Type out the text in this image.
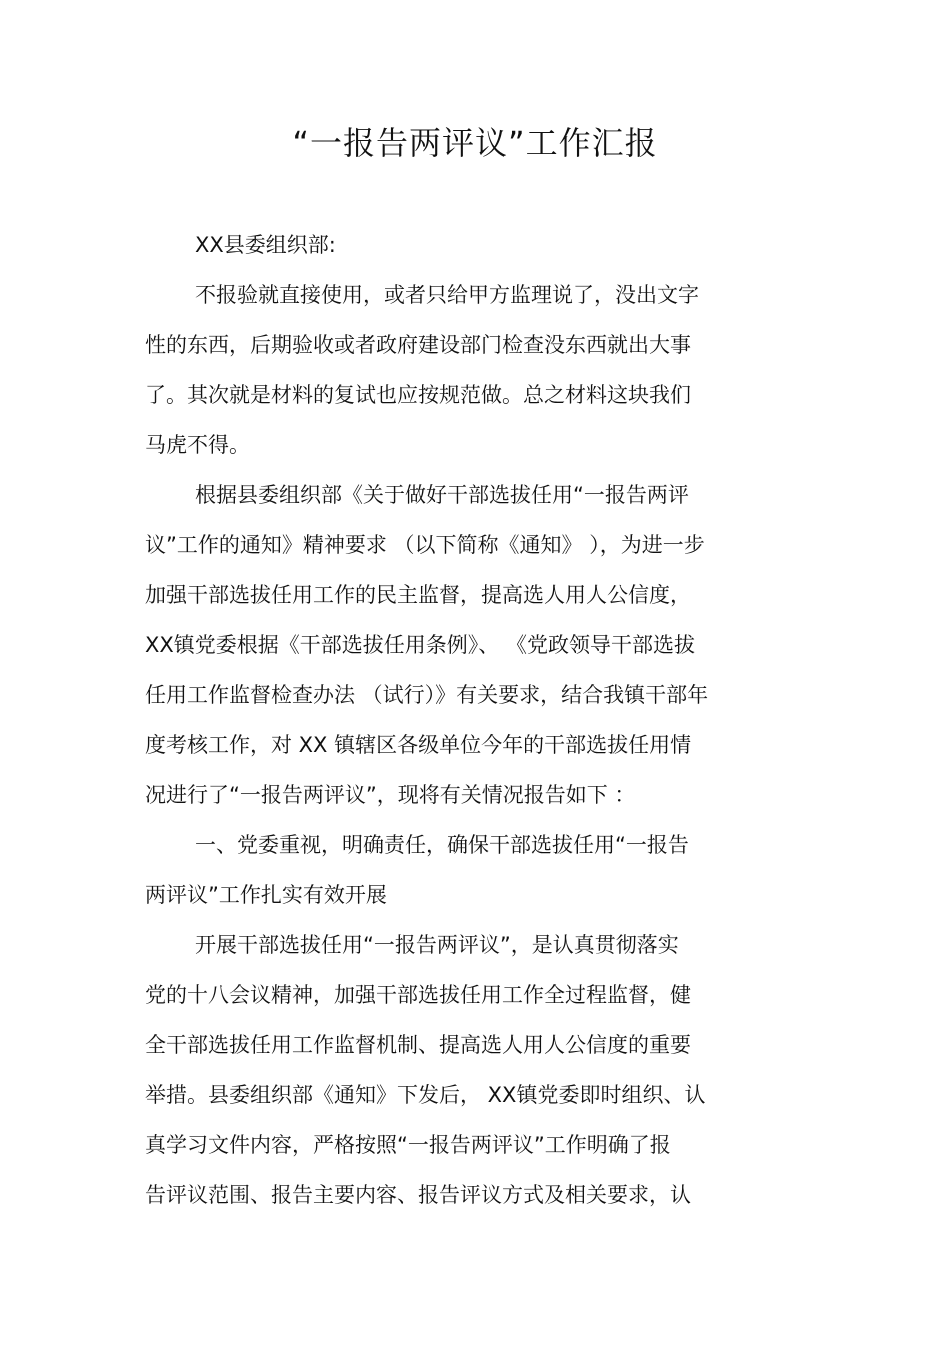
“一报告两评议”工作汇报
XX县委组织部:
不报验就直接使用，或者只给甲方监理说了，没出文字
性的东西，后期验收或者政府建设部门检查没东西就出大事
了。其次就是材料的复试也应按规范做。总之材料这块我们
马虎不得。
根据县委组织部《关于做好干部选拔任用“一报告两评
议”工作的通知》精神要求 （以下简称《通知》 ），为进一步
加强干部选拔任用工作的民主监督，提高选人用人公信度，
XX镇党委根据《干部选拔任用条例》、 《党政领导干部选拔
任用工作监督检查办法 （试行）》有关要求，结合我镇干部年
度考核工作，对 XX 镇辖区各级单位今年的干部选拔任用情
况进行了“一报告两评议”，现将有关情况报告如下 ：
一、党委重视，明确责任，确保干部选拔任用“一报告
两评议”工作扎实有效开展
开展干部选拔任用“一报告两评议”，是认真贯彻落实
党的十八会议精神，加强干部选拔任用工作全过程监督，健
全干部选拔任用工作监督机制、提高选人用人公信度的重要
举措。县委组织部《通知》下发后， XX镇党委即时组织、认
真学习文件内容，严格按照“一报告两评议”工作明确了报
告评议范围、报告主要内容、报告评议方式及相关要求，认
